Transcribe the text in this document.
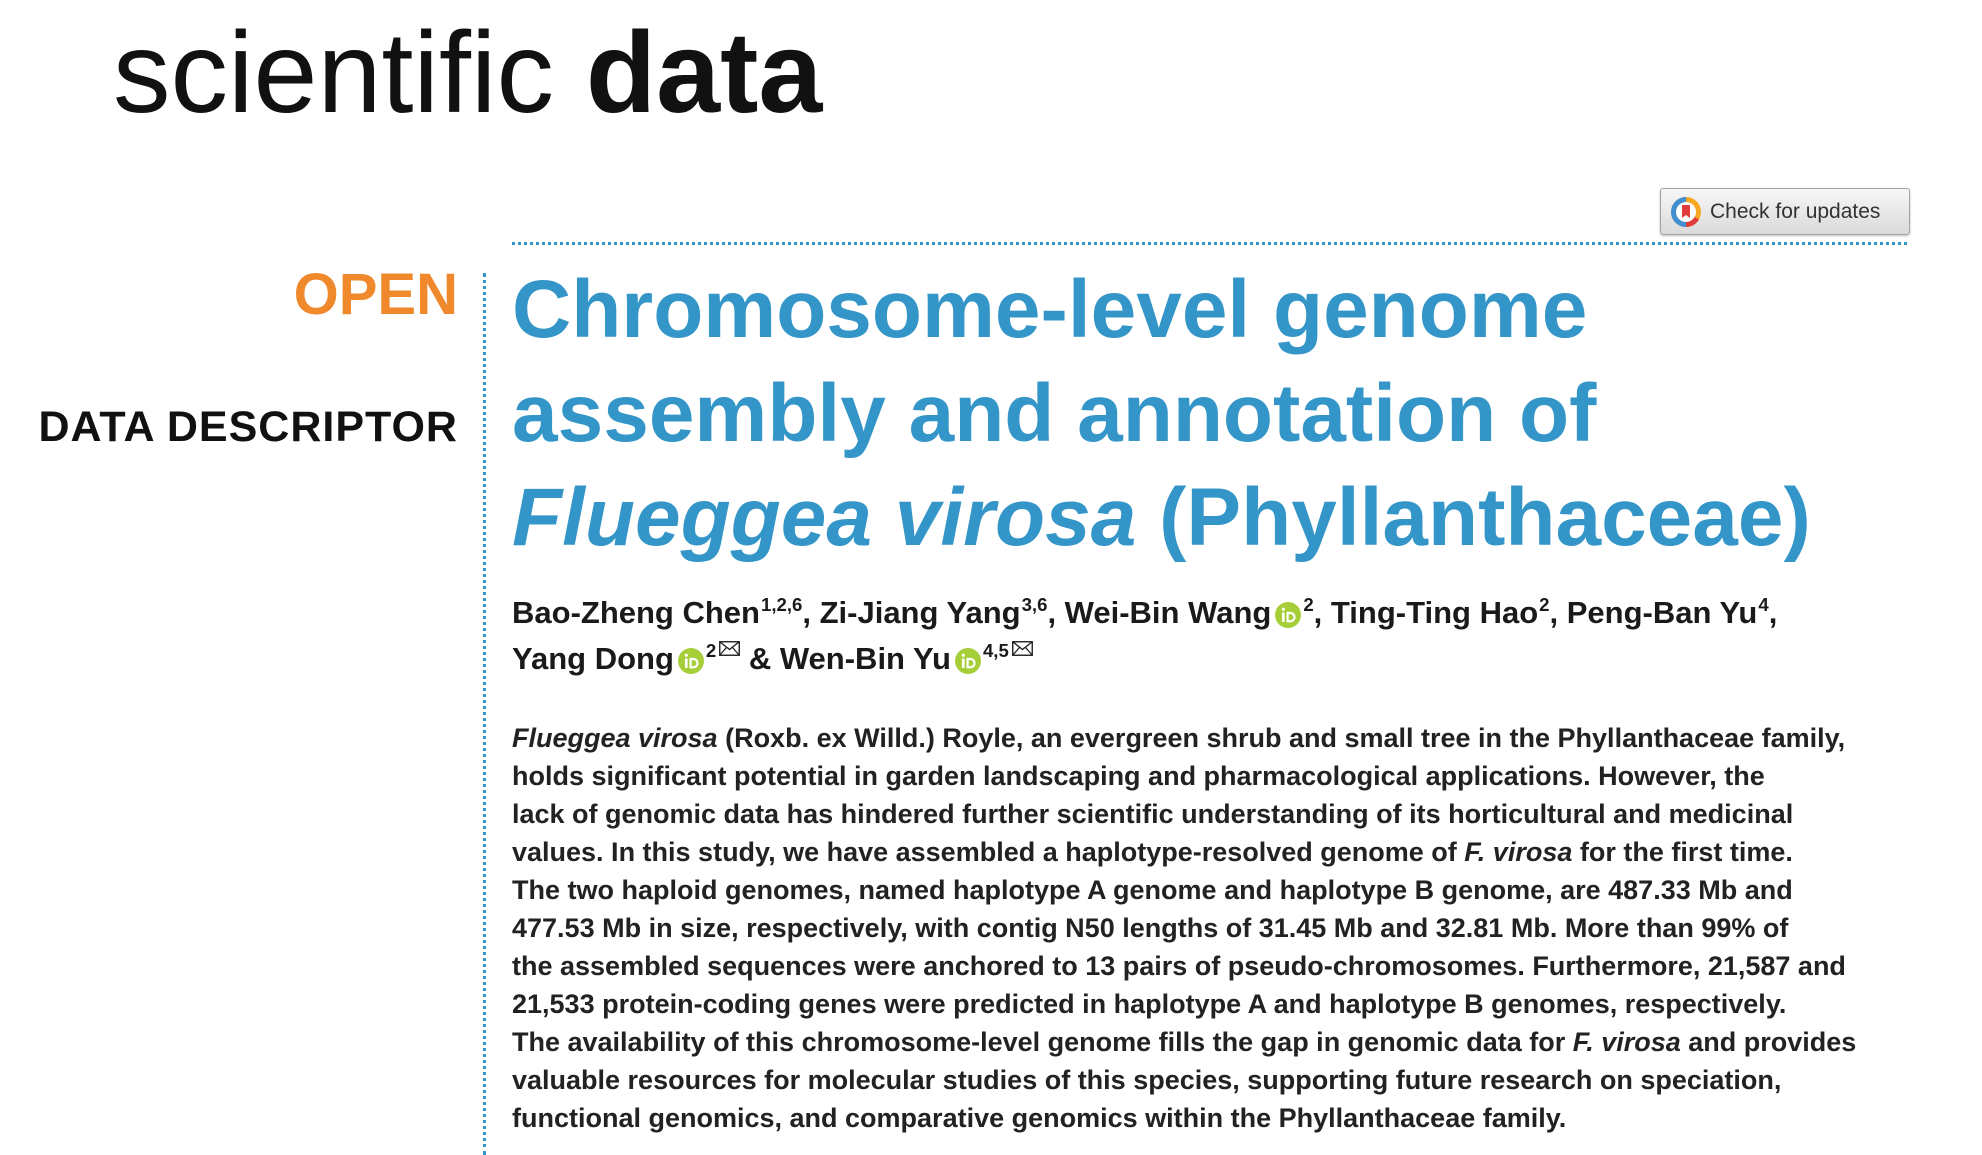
scientific data
Check for updates
OPEN
DATA DESCRIPTOR
Chromosome-level genome
assembly and annotation of
Flueggea virosa (Phyllanthaceae)
Bao-Zheng Chen$^{1,2,6}$, Zi-Jiang Yang$^{3,6}$, Wei-Bin Wang $^2$, Ting-Ting Hao$^2$, Peng-Ban Yu$^4$,
Yang Dong $^2$ & Wen-Bin Yu $^{4,5}$
Flueggea virosa (Roxb. ex Willd.) Royle, an evergreen shrub and small tree in the Phyllanthaceae family,
holds significant potential in garden landscaping and pharmacological applications. However, the
lack of genomic data has hindered further scientific understanding of its horticultural and medicinal
values. In this study, we have assembled a haplotype-resolved genome of F. virosa for the first time.
The two haploid genomes, named haplotype A genome and haplotype B genome, are 487.33 Mb and
477.53 Mb in size, respectively, with contig N50 lengths of 31.45 Mb and 32.81 Mb. More than 99% of
the assembled sequences were anchored to 13 pairs of pseudo-chromosomes. Furthermore, 21,587 and
21,533 protein-coding genes were predicted in haplotype A and haplotype B genomes, respectively.
The availability of this chromosome-level genome fills the gap in genomic data for F. virosa and provides
valuable resources for molecular studies of this species, supporting future research on speciation,
functional genomics, and comparative genomics within the Phyllanthaceae family.
